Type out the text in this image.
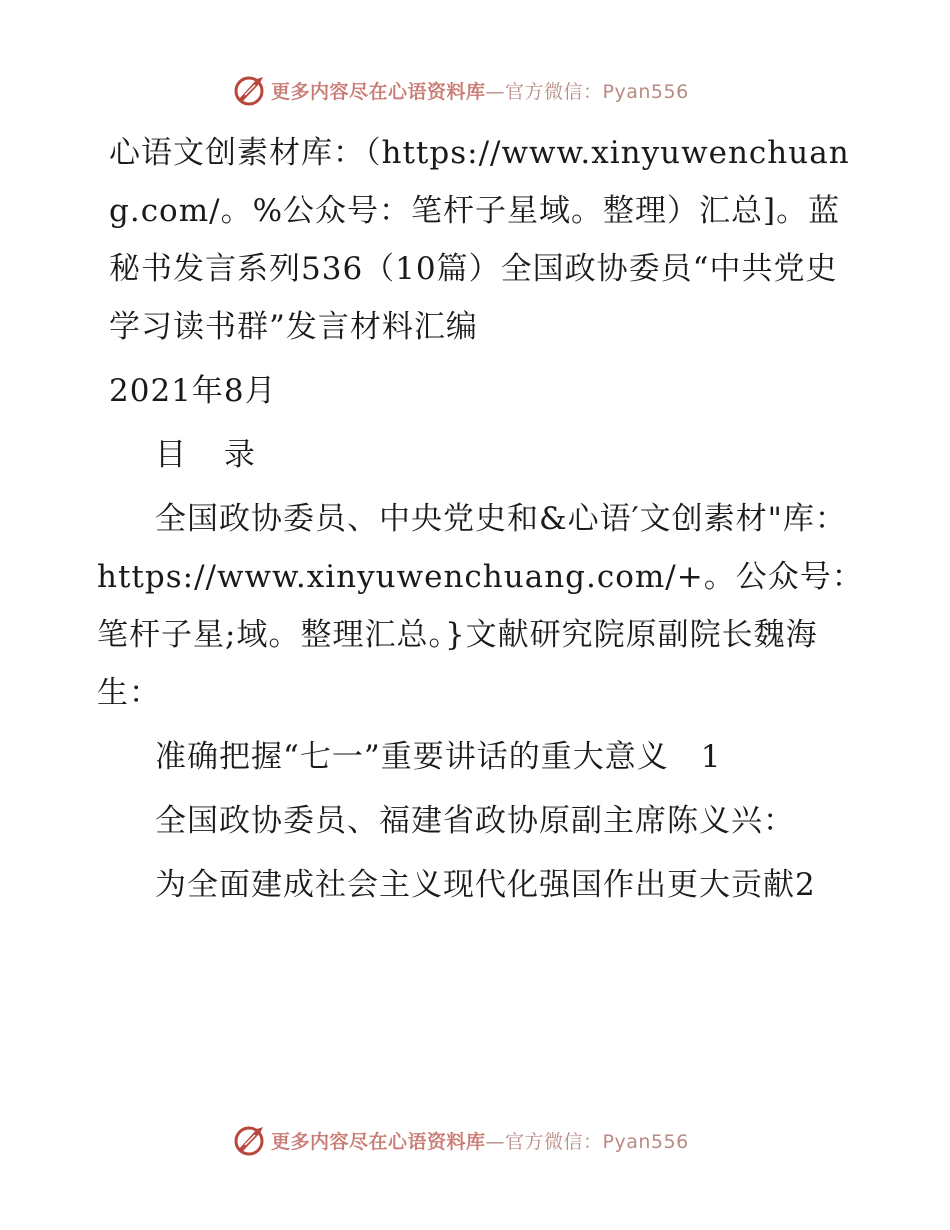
更多内容尽在心语资料库—官方微信：Pyan556

心语文创素材库：（https://www.xinyuwenchuang.com/。%公众号：笔杆子星域。整理）汇总]。蓝秘书发言系列536（10篇）全国政协委员“中共党史学习读书群”发言材料汇编

2021年8月

目 录

全国政协委员、中央党史和&心语′文创素材"库：https://www.xinyuwenchuang.com/+。公众号：笔杆子星;域。整理汇总。}文献研究院原副院长魏海生：

准确把握“七一”重要讲话的重大意义　1

全国政协委员、福建省政协原副主席陈义兴：

为全面建成社会主义现代化强国作出更大贡献2

更多内容尽在心语资料库—官方微信：Pyan556
